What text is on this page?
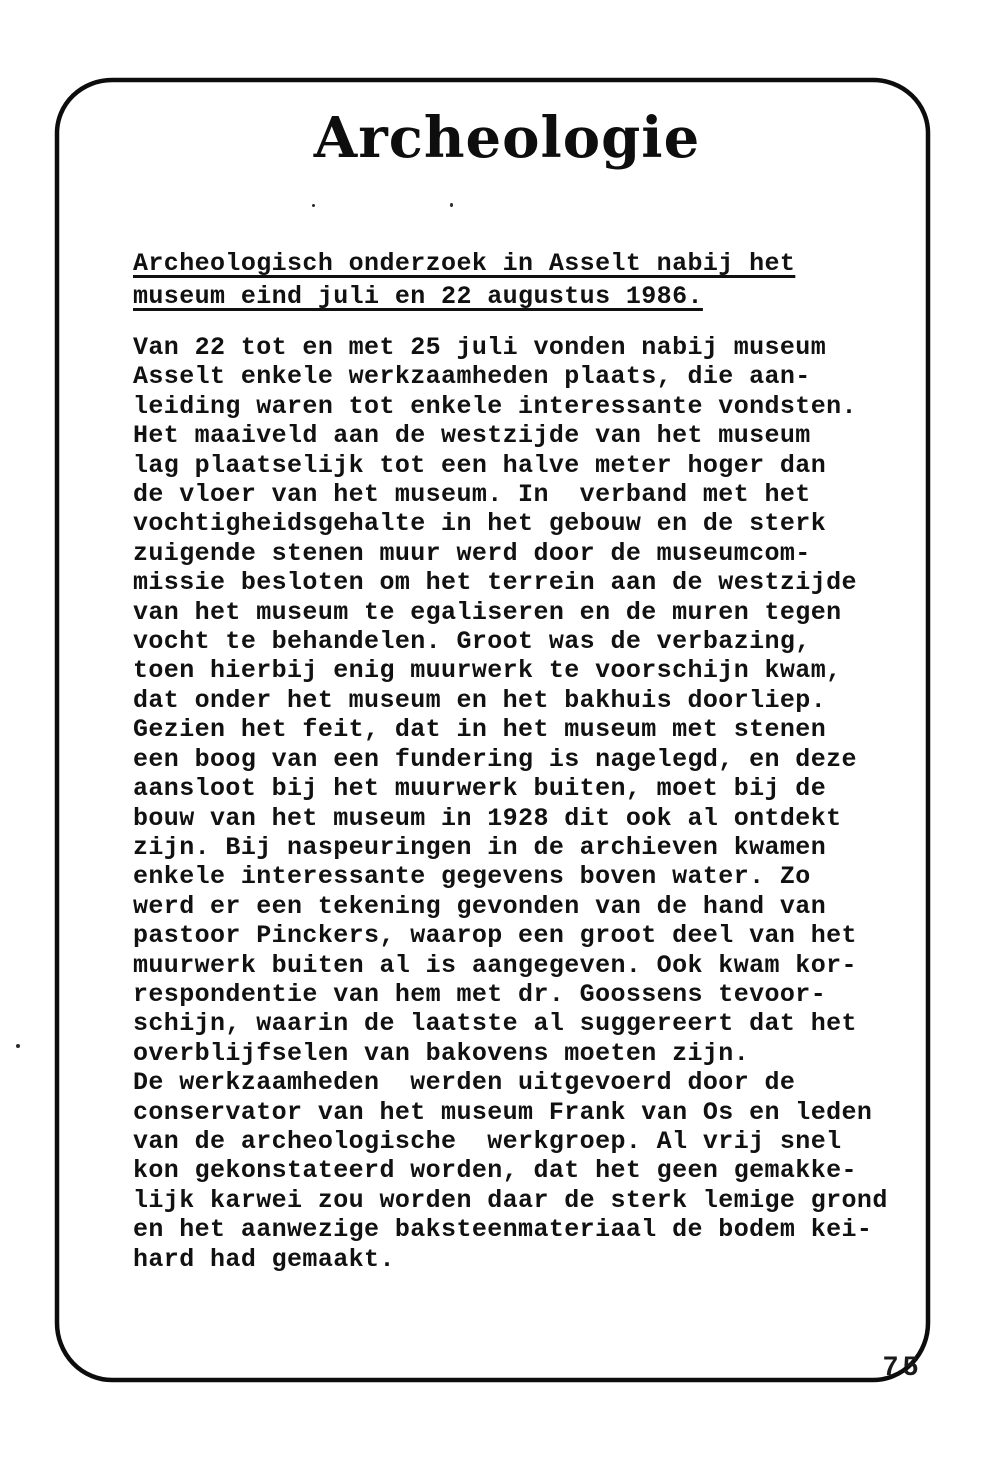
Archeologie
Archeologisch onderzoek in Asselt nabij het
museum eind juli en 22 augustus 1986.
Van 22 tot en met 25 juli vonden nabij museum
Asselt enkele werkzaamheden plaats, die aan-
leiding waren tot enkele interessante vondsten.
Het maaiveld aan de westzijde van het museum
lag plaatselijk tot een halve meter hoger dan
de vloer van het museum. In  verband met het
vochtigheidsgehalte in het gebouw en de sterk
zuigende stenen muur werd door de museumcom-
missie besloten om het terrein aan de westzijde
van het museum te egaliseren en de muren tegen
vocht te behandelen. Groot was de verbazing,
toen hierbij enig muurwerk te voorschijn kwam,
dat onder het museum en het bakhuis doorliep.
Gezien het feit, dat in het museum met stenen
een boog van een fundering is nagelegd, en deze
aansloot bij het muurwerk buiten, moet bij de
bouw van het museum in 1928 dit ook al ontdekt
zijn. Bij naspeuringen in de archieven kwamen
enkele interessante gegevens boven water. Zo
werd er een tekening gevonden van de hand van
pastoor Pinckers, waarop een groot deel van het
muurwerk buiten al is aangegeven. Ook kwam kor-
respondentie van hem met dr. Goossens tevoor-
schijn, waarin de laatste al suggereert dat het
overblijfselen van bakovens moeten zijn.
De werkzaamheden  werden uitgevoerd door de
conservator van het museum Frank van Os en leden
van de archeologische  werkgroep. Al vrij snel
kon gekonstateerd worden, dat het geen gemakke-
lijk karwei zou worden daar de sterk lemige grond
en het aanwezige baksteenmateriaal de bodem kei-
hard had gemaakt.
75
